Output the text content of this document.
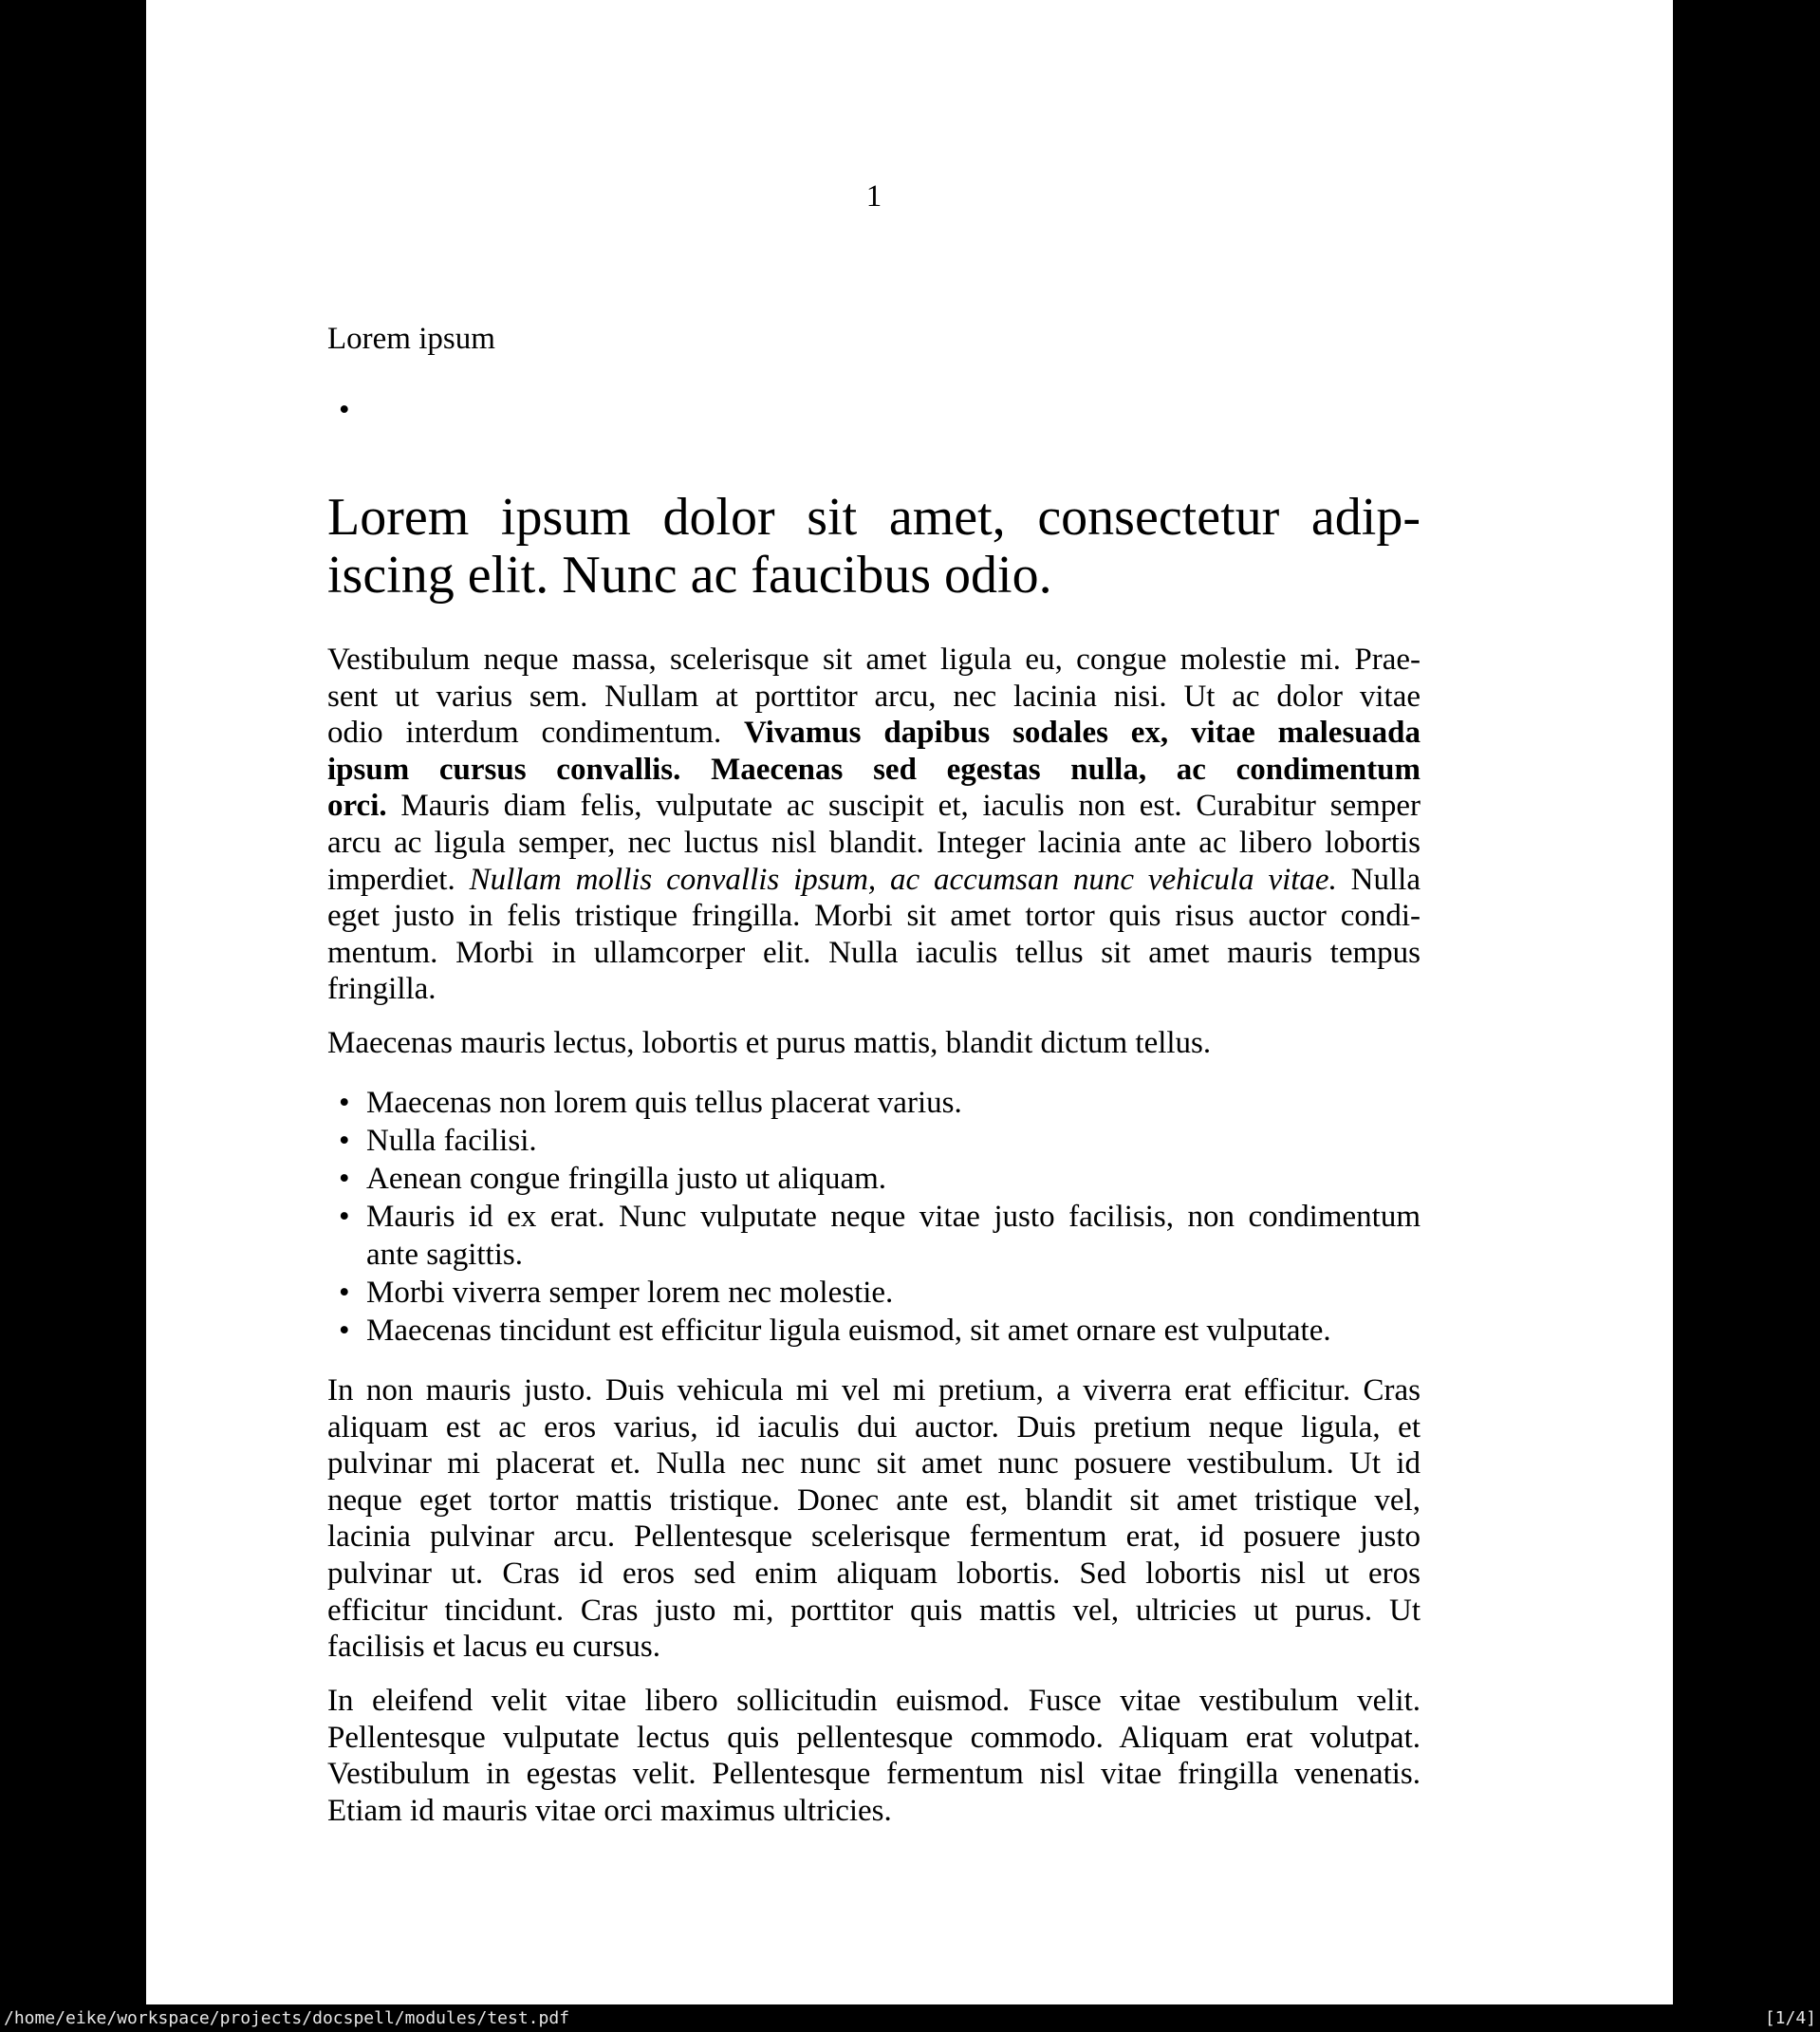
1
Lorem ipsum
•
Lorem ipsum dolor sit amet, consectetur adip-
iscing elit. Nunc ac faucibus odio.
Vestibulum neque massa, scelerisque sit amet ligula eu, congue molestie mi. Prae-
sent ut varius sem. Nullam at porttitor arcu, nec lacinia nisi. Ut ac dolor vitae
odio interdum condimentum. Vivamus dapibus sodales ex, vitae malesuada
ipsum cursus convallis. Maecenas sed egestas nulla, ac condimentum
orci. Mauris diam felis, vulputate ac suscipit et, iaculis non est. Curabitur semper
arcu ac ligula semper, nec luctus nisl blandit. Integer lacinia ante ac libero lobortis
imperdiet. Nullam mollis convallis ipsum, ac accumsan nunc vehicula vitae. Nulla
eget justo in felis tristique fringilla. Morbi sit amet tortor quis risus auctor condi-
mentum. Morbi in ullamcorper elit. Nulla iaculis tellus sit amet mauris tempus
fringilla.
Maecenas mauris lectus, lobortis et purus mattis, blandit dictum tellus.
• Maecenas non lorem quis tellus placerat varius.
• Nulla facilisi.
• Aenean congue fringilla justo ut aliquam.
• Mauris id ex erat. Nunc vulputate neque vitae justo facilisis, non condimentum
ante sagittis.
• Morbi viverra semper lorem nec molestie.
• Maecenas tincidunt est efficitur ligula euismod, sit amet ornare est vulputate.
In non mauris justo. Duis vehicula mi vel mi pretium, a viverra erat efficitur. Cras
aliquam est ac eros varius, id iaculis dui auctor. Duis pretium neque ligula, et
pulvinar mi placerat et. Nulla nec nunc sit amet nunc posuere vestibulum. Ut id
neque eget tortor mattis tristique. Donec ante est, blandit sit amet tristique vel,
lacinia pulvinar arcu. Pellentesque scelerisque fermentum erat, id posuere justo
pulvinar ut. Cras id eros sed enim aliquam lobortis. Sed lobortis nisl ut eros
efficitur tincidunt. Cras justo mi, porttitor quis mattis vel, ultricies ut purus. Ut
facilisis et lacus eu cursus.
In eleifend velit vitae libero sollicitudin euismod. Fusce vitae vestibulum velit.
Pellentesque vulputate lectus quis pellentesque commodo. Aliquam erat volutpat.
Vestibulum in egestas velit. Pellentesque fermentum nisl vitae fringilla venenatis.
Etiam id mauris vitae orci maximus ultricies.
/home/eike/workspace/projects/docspell/modules/test.pdf	[1/4]
